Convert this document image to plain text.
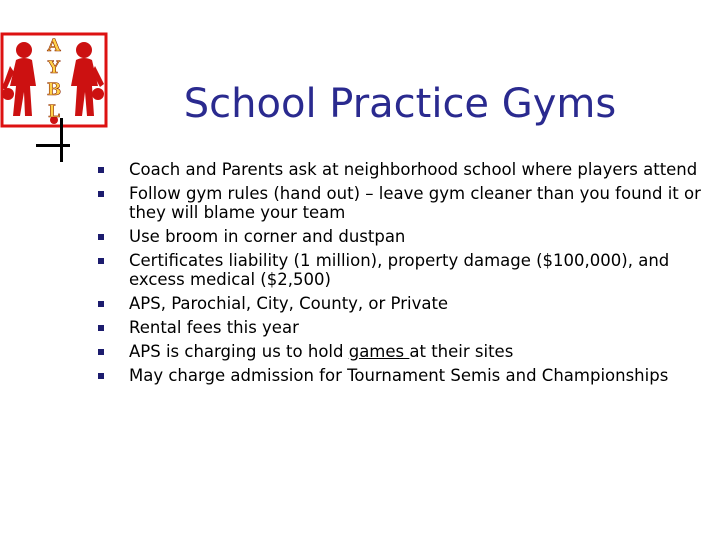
A
Y
B
L	School Practice Gyms
Coach and Parents ask at neighborhood school where players attend
Follow gym rules (hand out) – leave gym cleaner than you found it or they will blame your team
Use broom in corner and dustpan
Certificates liability (1 million), property damage ($100,000), and excess medical ($2,500)
APS, Parochial, City, County, or Private
Rental fees this year
APS is charging us to hold games at their sites
May charge admission for Tournament Semis and Championships
